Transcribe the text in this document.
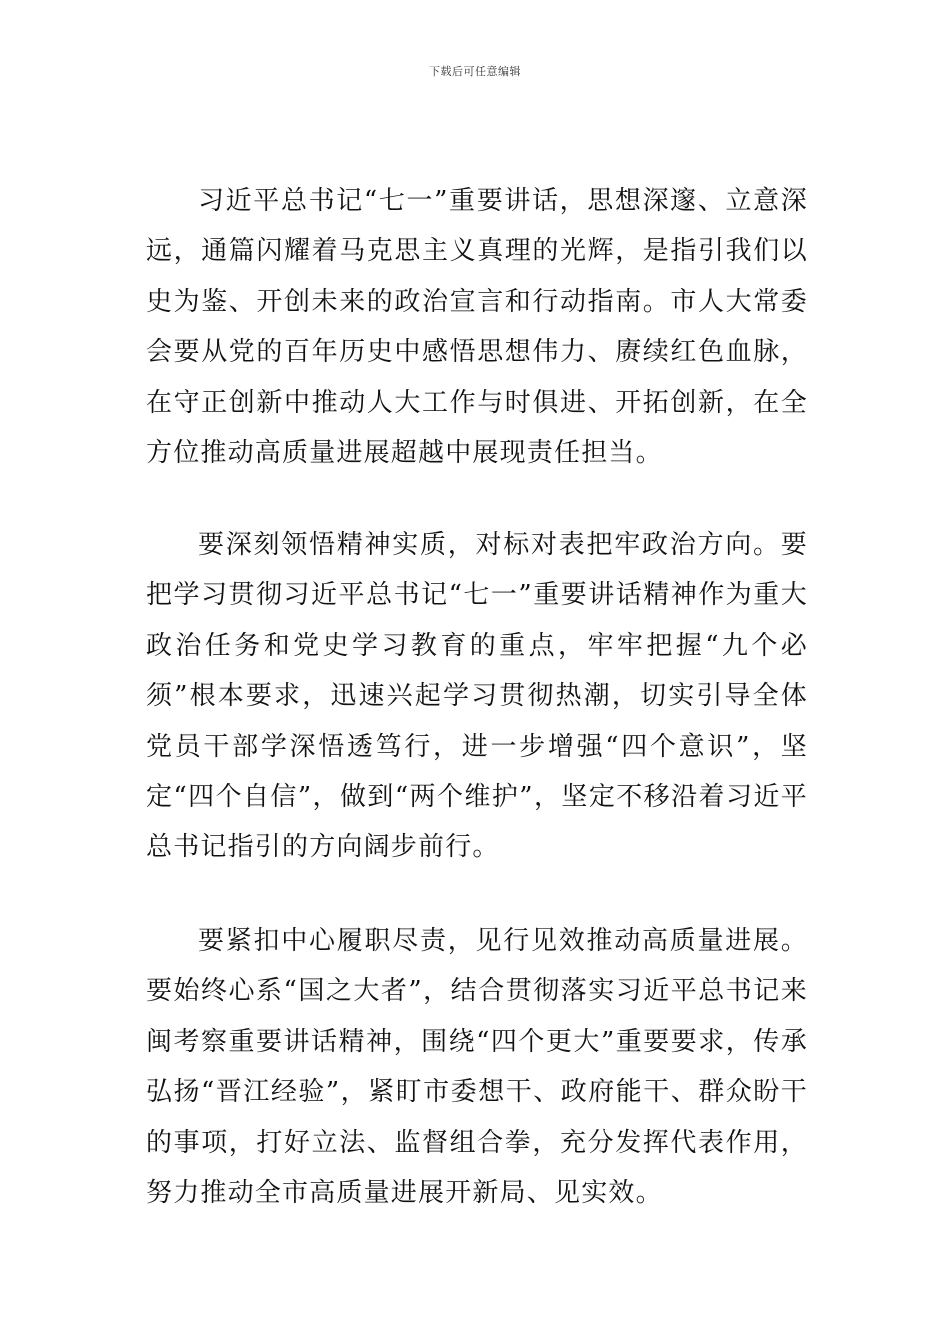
下载后可任意编辑

习近平总书记“七一”重要讲话，思想深邃、立意深远，通篇闪耀着马克思主义真理的光辉，是指引我们以史为鉴、开创未来的政治宣言和行动指南。市人大常委会要从党的百年历史中感悟思想伟力、赓续红色血脉，在守正创新中推动人大工作与时俱进、开拓创新，在全方位推动高质量进展超越中展现责任担当。

要深刻领悟精神实质，对标对表把牢政治方向。要把学习贯彻习近平总书记“七一”重要讲话精神作为重大政治任务和党史学习教育的重点，牢牢把握“九个必须”根本要求，迅速兴起学习贯彻热潮，切实引导全体党员干部学深悟透笃行，进一步增强“四个意识”，坚定“四个自信”，做到“两个维护”，坚定不移沿着习近平总书记指引的方向阔步前行。

要紧扣中心履职尽责，见行见效推动高质量进展。要始终心系“国之大者”，结合贯彻落实习近平总书记来闽考察重要讲话精神，围绕“四个更大”重要要求，传承弘扬“晋江经验”，紧盯市委想干、政府能干、群众盼干的事项，打好立法、监督组合拳，充分发挥代表作用，努力推动全市高质量进展开新局、见实效。
